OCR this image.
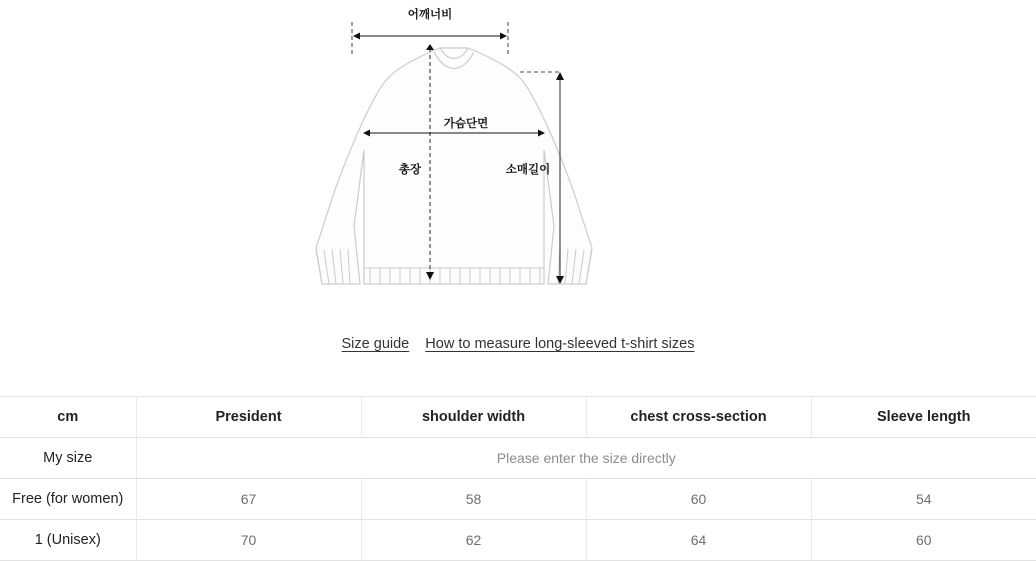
어깨너비
가슴단면
총장	소매길이
Size guide How to measure long-sleeved t-shirt sizes
cm	President	shoulder width	chest cross-section	Sleeve length
My size	Please enter the size directly			
Free (for women)	67	58	60	54
1 (Unisex)	70	62	64	60
